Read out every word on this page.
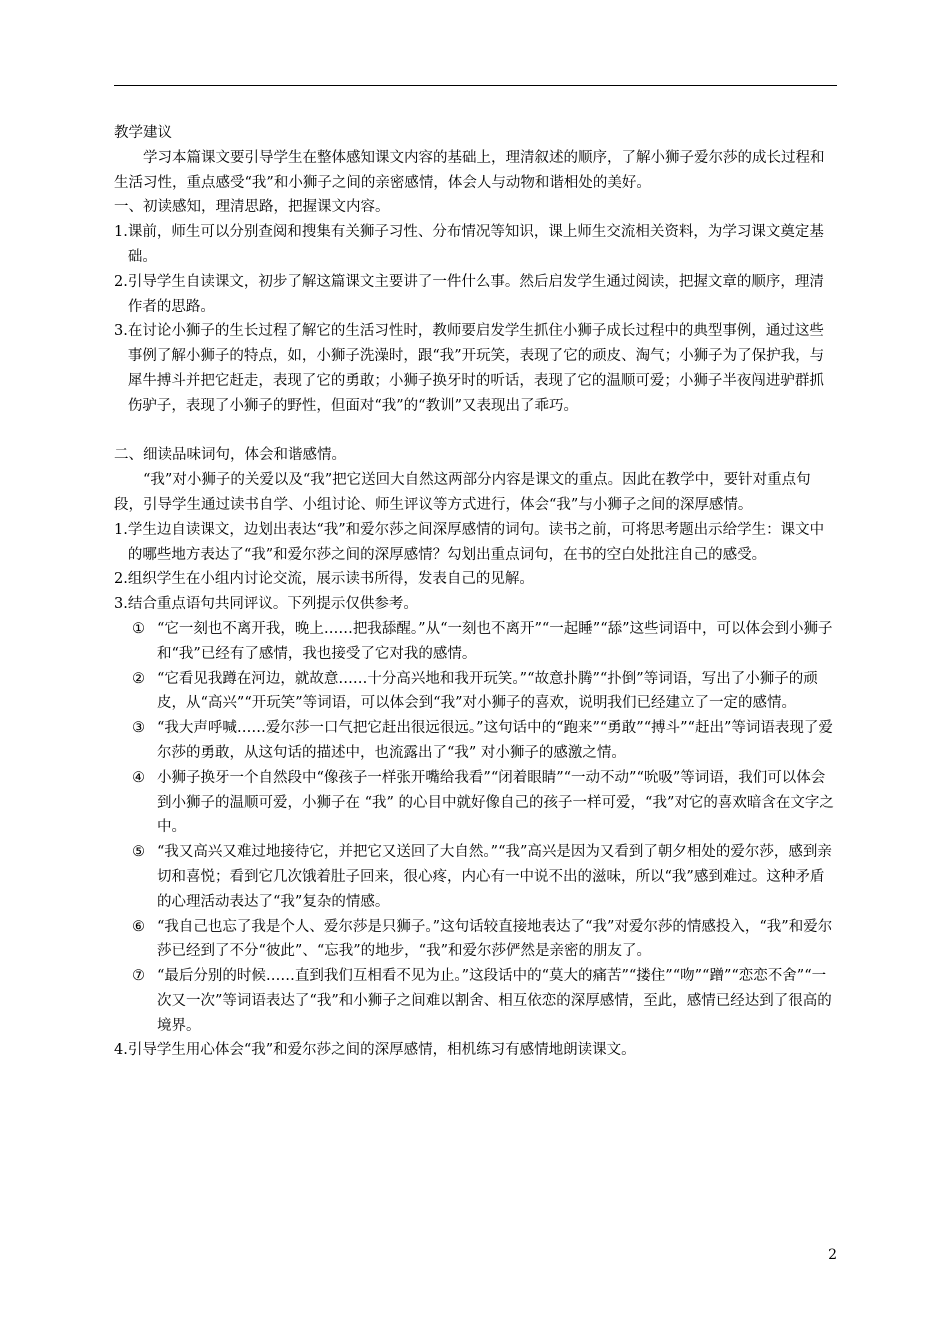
教学建议

学习本篇课文要引导学生在整体感知课文内容的基础上，理清叙述的顺序，了解小狮子爱尔莎的成长过程和生活习性，重点感受“我”和小狮子之间的亲密感情，体会人与动物和谐相处的美好。

一、初读感知，理清思路，把握课文内容。

1. 课前，师生可以分别查阅和搜集有关狮子习性、分布情况等知识，课上师生交流相关资料，为学习课文奠定基础。
2. 引导学生自读课文，初步了解这篇课文主要讲了一件什么事。然后启发学生通过阅读，把握文章的顺序，理清作者的思路。
3. 在讨论小狮子的生长过程了解它的生活习性时，教师要启发学生抓住小狮子成长过程中的典型事例，通过这些事例了解小狮子的特点，如，小狮子洗澡时，跟“我”开玩笑，表现了它的顽皮、淘气；小狮子为了保护我，与犀牛搏斗并把它赶走，表现了它的勇敢；小狮子换牙时的听话，表现了它的温顺可爱；小狮子半夜闯进驴群抓伤驴子，表现了小狮子的野性，但面对“我”的“教训”又表现出了乖巧。

二、细读品味词句，体会和谐感情。

“我”对小狮子的关爱以及“我”把它送回大自然这两部分内容是课文的重点。因此在教学中，要针对重点句段，引导学生通过读书自学、小组讨论、师生评议等方式进行，体会“我”与小狮子之间的深厚感情。

1. 学生边自读课文，边划出表达“我”和爱尔莎之间深厚感情的词句。读书之前，可将思考题出示给学生：课文中的哪些地方表达了“我”和爱尔莎之间的深厚感情？勾划出重点词句，在书的空白处批注自己的感受。
2. 组织学生在小组内讨论交流，展示读书所得，发表自己的见解。
3. 结合重点语句共同评议。下列提示仅供参考。
① “它一刻也不离开我，晚上……把我舔醒。”从“一刻也不离开”“一起睡”“舔”这些词语中，可以体会到小狮子和“我”已经有了感情，我也接受了它对我的感情。
② “它看见我蹲在河边，就故意……十分高兴地和我开玩笑。”“故意扑腾”“扑倒”等词语，写出了小狮子的顽皮，从“高兴”“开玩笑”等词语，可以体会到“我”对小狮子的喜欢，说明我们已经建立了一定的感情。
③ “我大声呼喊……爱尔莎一口气把它赶出很远很远。”这句话中的“跑来”“勇敢”“搏斗”“赶出”等词语表现了爱尔莎的勇敢，从这句话的描述中，也流露出了“我” 对小狮子的感激之情。
④ 小狮子换牙一个自然段中“像孩子一样张开嘴给我看”“闭着眼睛”“一动不动”“吮吸”等词语，我们可以体会到小狮子的温顺可爱，小狮子在 “我” 的心目中就好像自己的孩子一样可爱，“我”对它的喜欢暗含在文字之中。
⑤ “我又高兴又难过地接待它，并把它又送回了大自然。”“我”高兴是因为又看到了朝夕相处的爱尔莎，感到亲切和喜悦；看到它几次饿着肚子回来，很心疼，内心有一中说不出的滋味，所以“我”感到难过。这种矛盾的心理活动表达了“我”复杂的情感。
⑥ “我自己也忘了我是个人、爱尔莎是只狮子。”这句话较直接地表达了“我”对爱尔莎的情感投入，“我”和爱尔莎已经到了不分“彼此”、“忘我”的地步，“我”和爱尔莎俨然是亲密的朋友了。
⑦ “最后分别的时候……直到我们互相看不见为止。”这段话中的“莫大的痛苦”“搂住”“吻”“蹭”“恋恋不舍”“一次又一次”等词语表达了“我”和小狮子之间难以割舍、相互依恋的深厚感情，至此，感情已经达到了很高的境界。
4. 引导学生用心体会“我”和爱尔莎之间的深厚感情，相机练习有感情地朗读课文。
2
